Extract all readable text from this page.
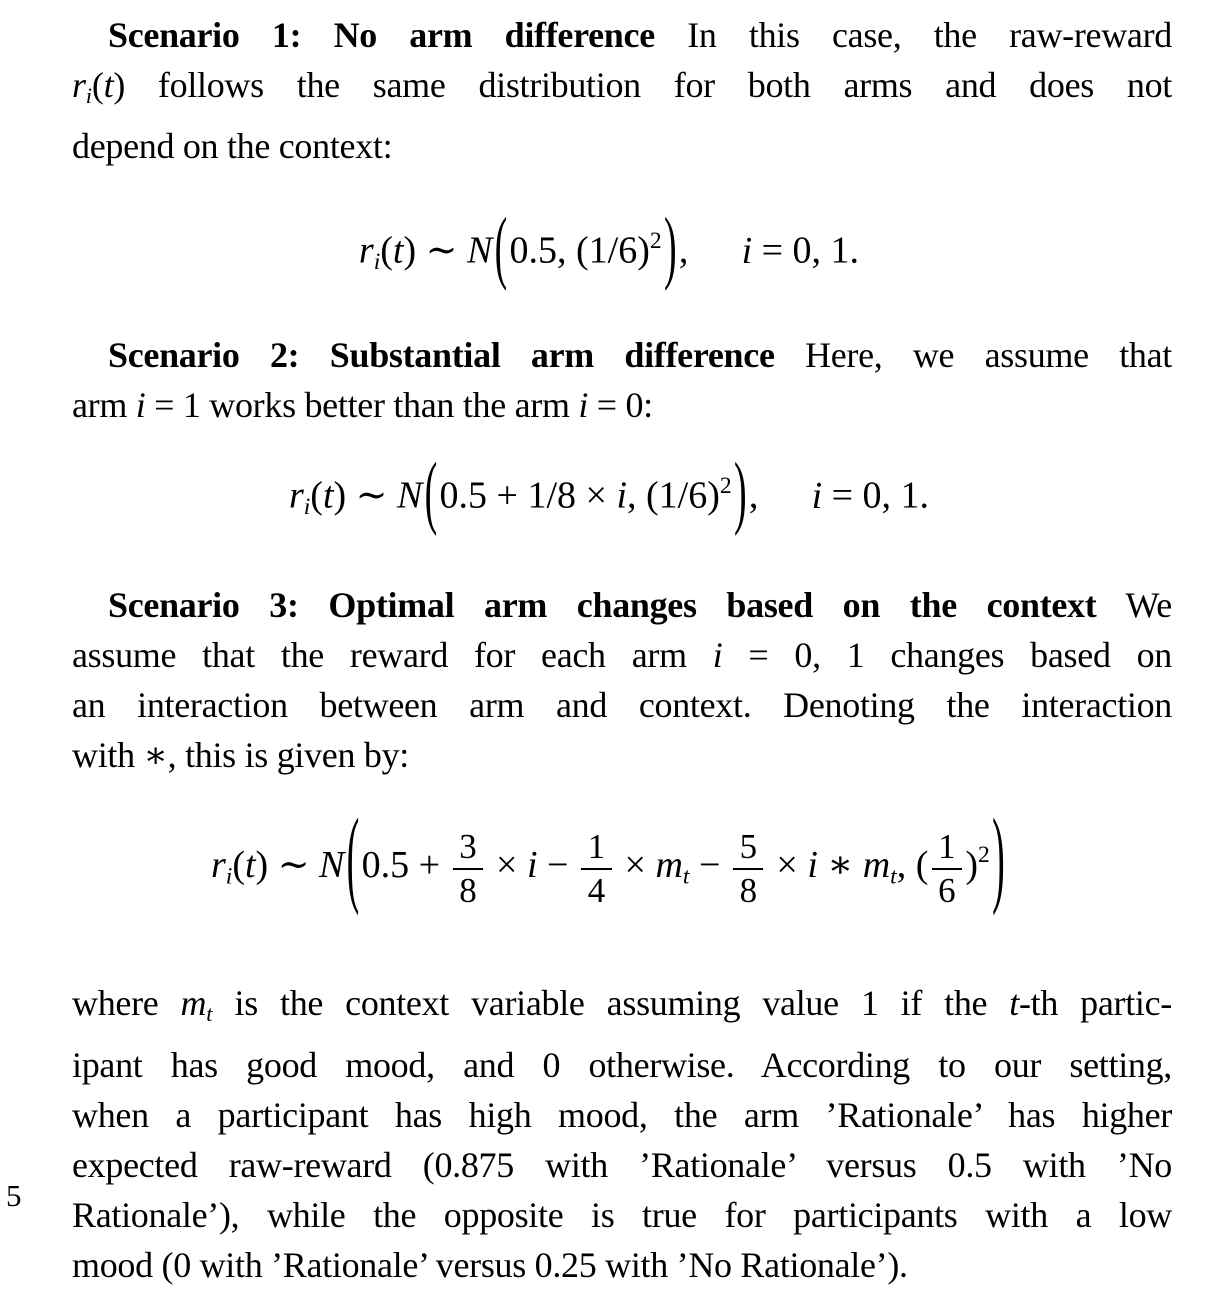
Scenario 1: No arm difference In this case, the raw-reward
ri(t) follows the same distribution for both arms and does not
depend on the context:
ri(t) ∼ N(0.5, $(1/6)^2$), i = 0, 1.
Scenario 2: Substantial arm difference Here, we assume that
arm i = 1 works better than the arm i = 0:
ri(t) ∼ N(0.5 + 1/8 × i, $(1/6)^2$), i = 0, 1.
Scenario 3: Optimal arm changes based on the context We
assume that the reward for each arm i = 0, 1 changes based on
an interaction between arm and context. Denoting the interaction
with ∗, this is given by:
ri(t) ∼ $N(0.5 + \frac{3}{8} \times i - \frac{1}{4}$ × mt − $\frac{5}{8} \times i$ ∗ mt, ( $\frac{1}{6} )^2$)
where mt is the context variable assuming value 1 if the t-th partic-
ipant has good mood, and 0 otherwise. According to our setting,
when a participant has high mood, the arm ’Rationale’ has higher
expected raw-reward (0.875 with ’Rationale’ versus 0.5 with ’No
Rationale’), while the opposite is true for participants with a low
mood (0 with ’Rationale’ versus 0.25 with ’No Rationale’).
5
